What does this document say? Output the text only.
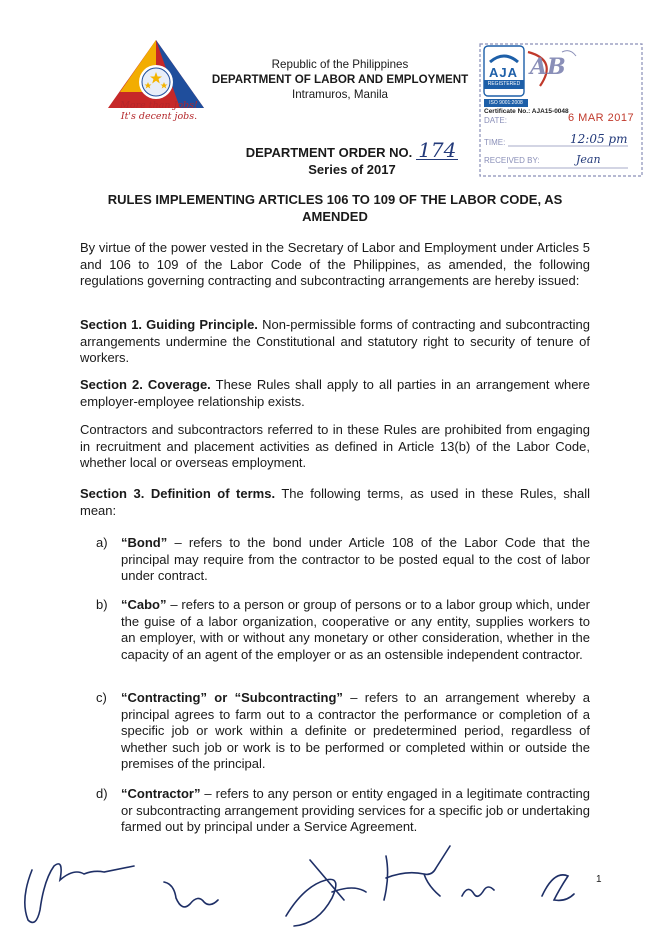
More than Jobs!
It's decent jobs.
Republic of the Philippines
DEPARTMENT OF LABOR AND EMPLOYMENT
Intramuros, Manila
AJA
REGISTERED
AB
ISO 9001:2008
Certificate No.: AJA15-0048
DATE:	6 MAR 2017
TIME:	12:05 pm
RECEIVED BY:	Jean
DEPARTMENT ORDER NO. 174
Series of 2017
RULES IMPLEMENTING ARTICLES 106 TO 109 OF THE LABOR CODE, AS AMENDED

By virtue of the power vested in the Secretary of Labor and Employment under Articles 5 and 106 to 109 of the Labor Code of the Philippines, as amended, the following regulations governing contracting and subcontracting arrangements are hereby issued:

Section 1. Guiding Principle. Non-permissible forms of contracting and subcontracting arrangements undermine the Constitutional and statutory right to security of tenure of workers.

Section 2. Coverage. These Rules shall apply to all parties in an arrangement where employer-employee relationship exists.

Contractors and subcontractors referred to in these Rules are prohibited from engaging in recruitment and placement activities as defined in Article 13(b) of the Labor Code, whether local or overseas employment.

Section 3. Definition of terms. The following terms, as used in these Rules, shall mean:

a) “Bond” – refers to the bond under Article 108 of the Labor Code that the principal may require from the contractor to be posted equal to the cost of labor under contract.
b) “Cabo” – refers to a person or group of persons or to a labor group which, under the guise of a labor organization, cooperative or any entity, supplies workers to an employer, with or without any monetary or other consideration, whether in the capacity of an agent of the employer or as an ostensible independent contractor.
c) “Contracting” or “Subcontracting” – refers to an arrangement whereby a principal agrees to farm out to a contractor the performance or completion of a specific job or work within a definite or predetermined period, regardless of whether such job or work is to be performed or completed within or outside the premises of the principal.
d) “Contractor” – refers to any person or entity engaged in a legitimate contracting or subcontracting arrangement providing services for a specific job or undertaking farmed out by principal under a Service Agreement.
1
